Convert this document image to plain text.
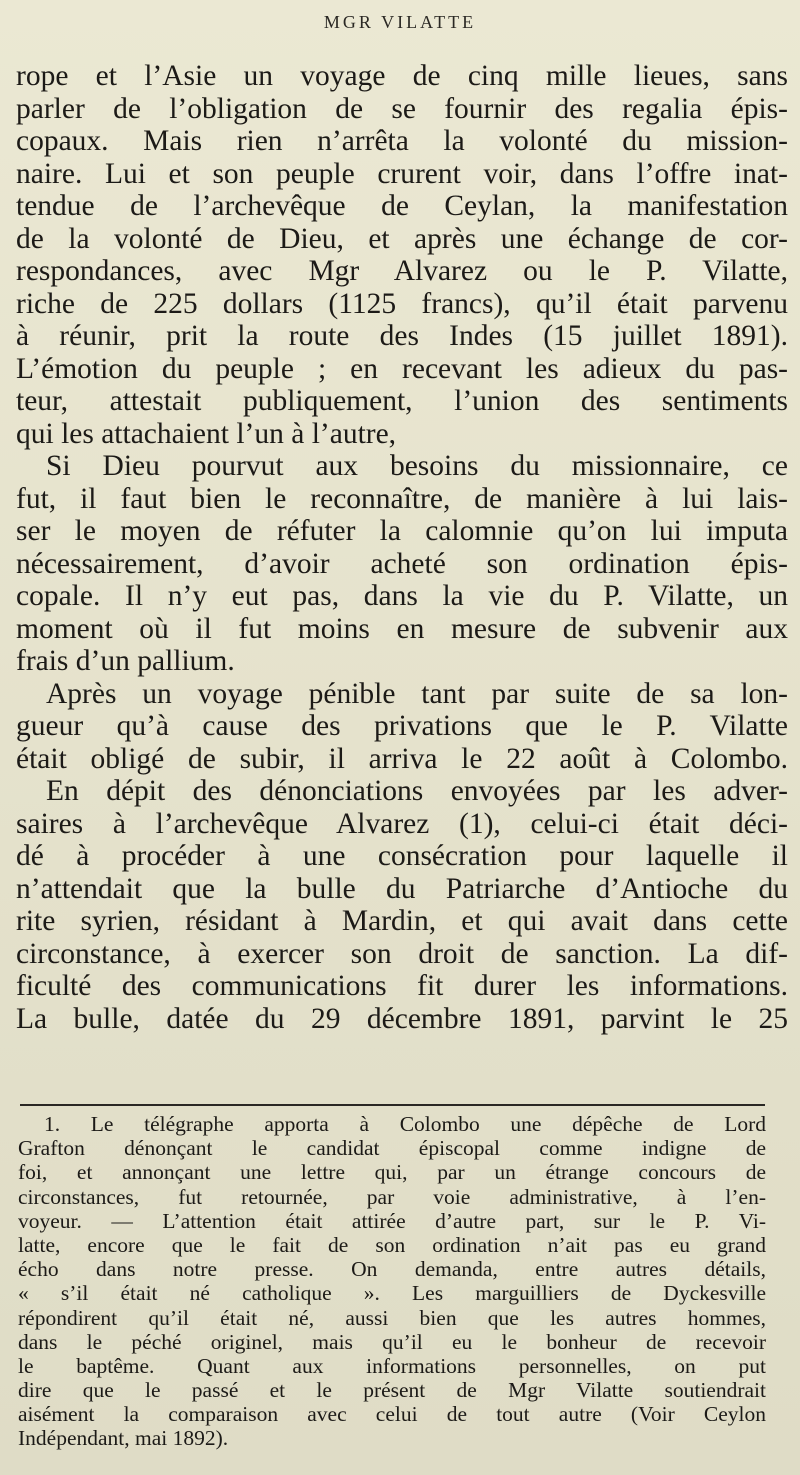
MGR VILATTE
rope et l’Asie un voyage de cinq mille lieues, sans
parler de l’obligation de se fournir des regalia épis-
copaux. Mais rien n’arrêta la volonté du mission-
naire. Lui et son peuple crurent voir, dans l’offre inat-
tendue de l’archevêque de Ceylan, la manifestation
de la volonté de Dieu, et après une échange de cor-
respondances, avec Mgr Alvarez ou le P. Vilatte,
riche de 225 dollars (1125 francs), qu’il était parvenu
à réunir, prit la route des Indes (15 juillet 1891).
L’émotion du peuple ; en recevant les adieux du pas-
teur, attestait publiquement, l’union des sentiments
qui les attachaient l’un à l’autre,
Si Dieu pourvut aux besoins du missionnaire, ce
fut, il faut bien le reconnaître, de manière à lui lais-
ser le moyen de réfuter la calomnie qu’on lui imputa
nécessairement, d’avoir acheté son ordination épis-
copale. Il n’y eut pas, dans la vie du P. Vilatte, un
moment où il fut moins en mesure de subvenir aux
frais d’un pallium.
Après un voyage pénible tant par suite de sa lon-
gueur qu’à cause des privations que le P. Vilatte
était obligé de subir, il arriva le 22 août à Colombo.
En dépit des dénonciations envoyées par les adver-
saires à l’archevêque Alvarez (1), celui-ci était déci-
dé à procéder à une consécration pour laquelle il
n’attendait que la bulle du Patriarche d’Antioche du
rite syrien, résidant à Mardin, et qui avait dans cette
circonstance, à exercer son droit de sanction. La dif-
ficulté des communications fit durer les informations.
La bulle, datée du 29 décembre 1891, parvint le 25
1. Le télégraphe apporta à Colombo une dépêche de Lord
Grafton dénonçant le candidat épiscopal comme indigne de
foi, et annonçant une lettre qui, par un étrange concours de
circonstances, fut retournée, par voie administrative, à l’en-
voyeur. — L’attention était attirée d’autre part, sur le P. Vi-
latte, encore que le fait de son ordination n’ait pas eu grand
écho dans notre presse. On demanda, entre autres détails,
« s’il était né catholique ». Les marguilliers de Dyckesville
répondirent qu’il était né, aussi bien que les autres hommes,
dans le péché originel, mais qu’il eu le bonheur de recevoir
le baptême. Quant aux informations personnelles, on put
dire que le passé et le présent de Mgr Vilatte soutiendrait
aisément la comparaison avec celui de tout autre (Voir Ceylon
Indépendant, mai 1892).
